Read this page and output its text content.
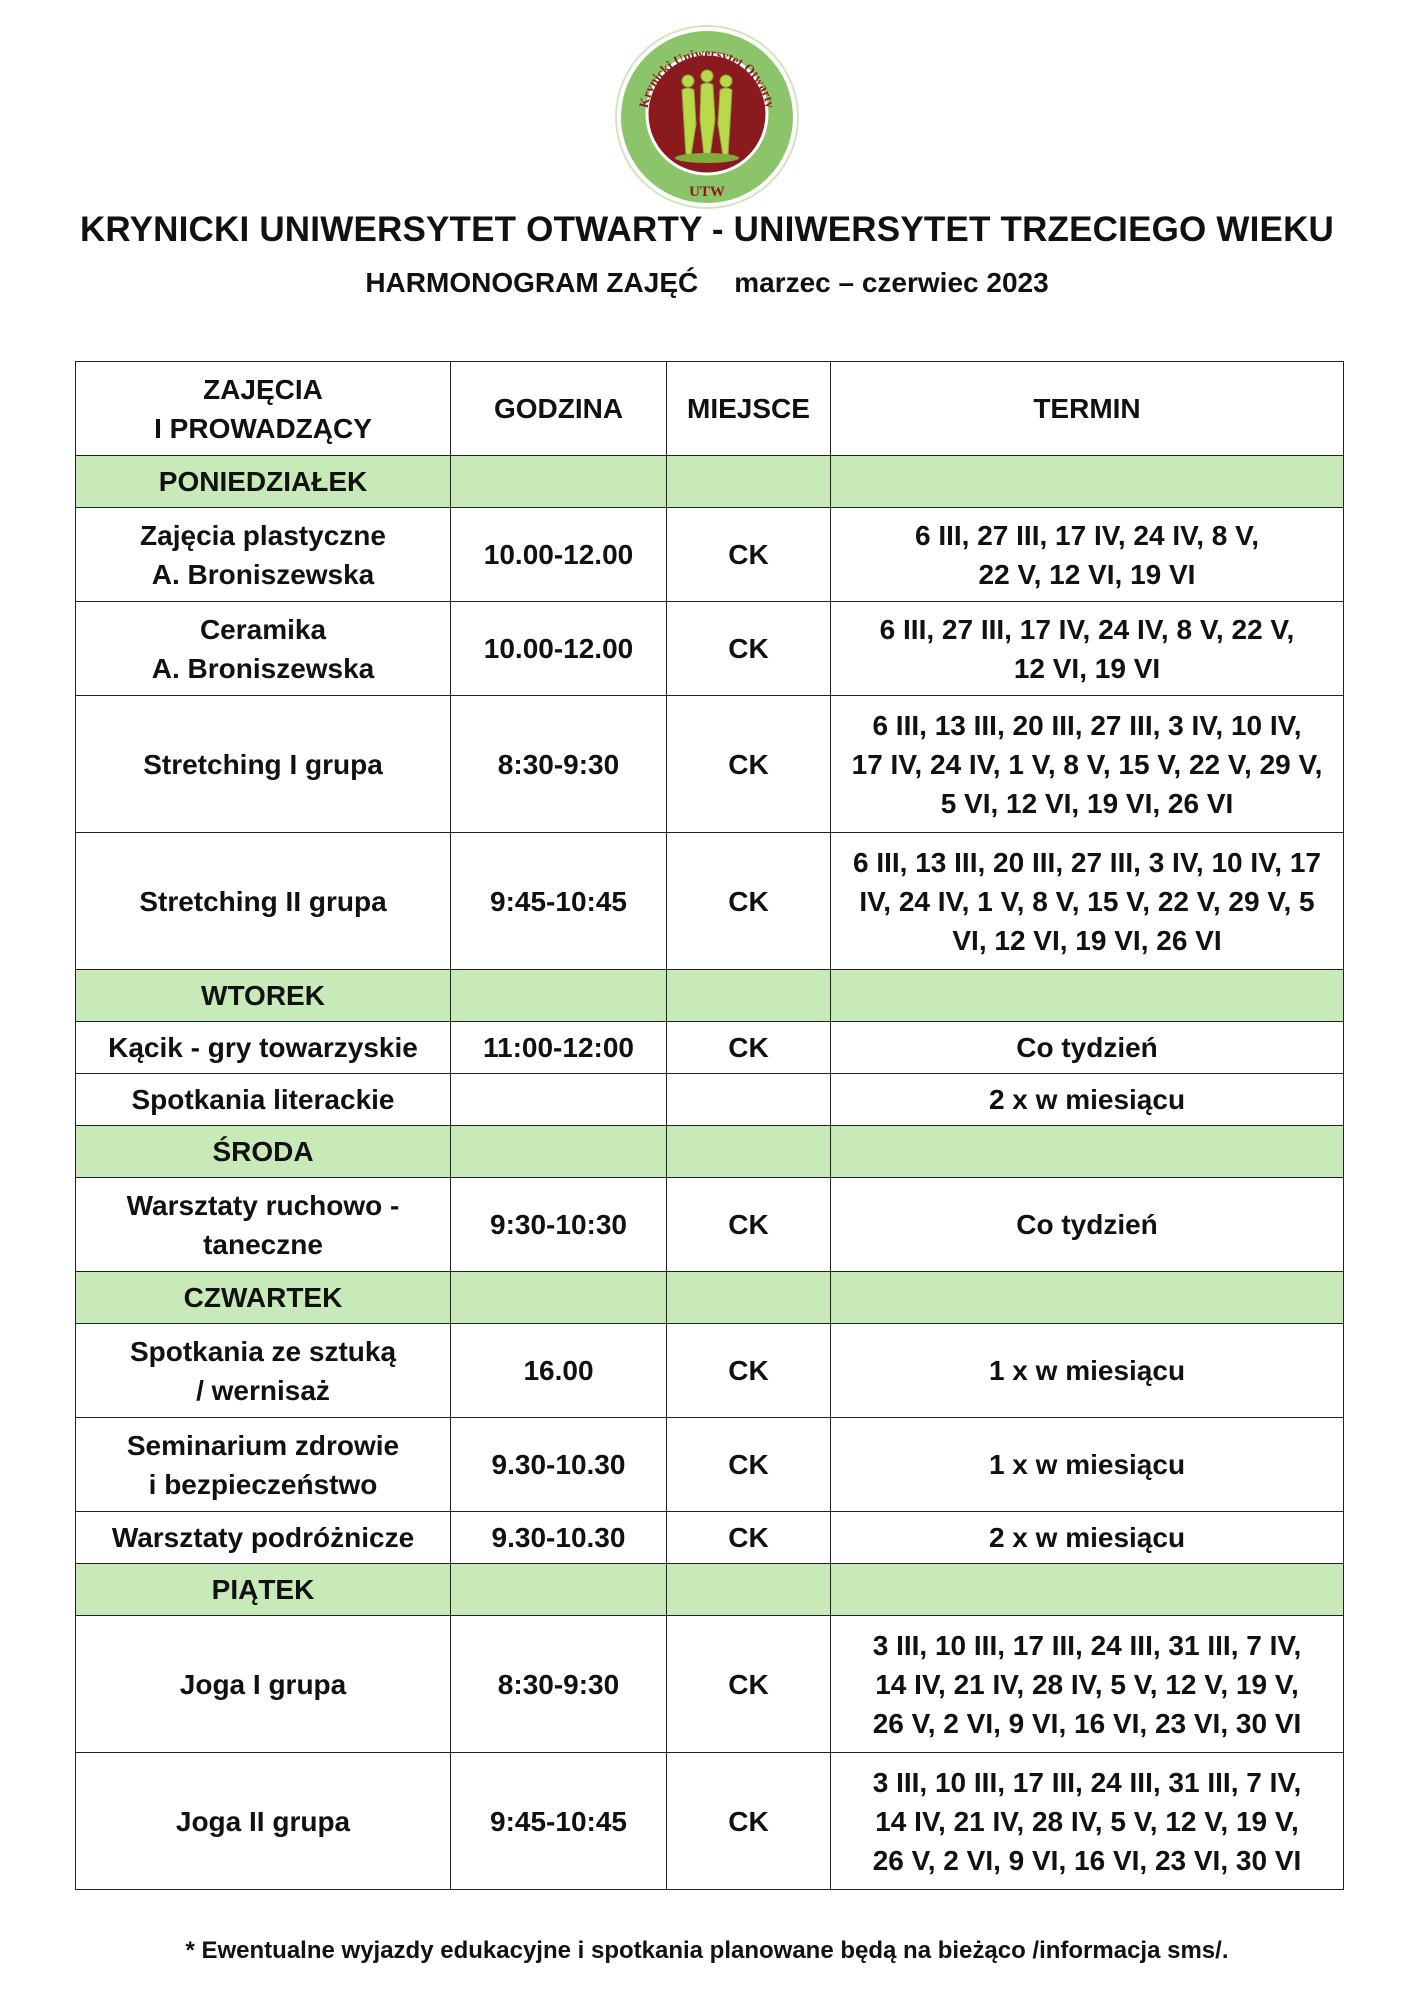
Krynicki Uniwersytet Otwarty
UTW
KRYNICKI UNIWERSYTET OTWARTY - UNIWERSYTET TRZECIEGO WIEKU
HARMONOGRAM ZAJĘĆ marzec – czerwiec 2023
ZAJĘCIA
I PROWADZĄCY	GODZINA	MIEJSCE	TERMIN
PONIEDZIAŁEK			

Zajęcia plastyczne
A. Broniszewska	10.00-12.00	CK	6 III, 27 III, 17 IV, 24 IV, 8 V,
22 V, 12 VI, 19 VI

Ceramika
A. Broniszewska	10.00-12.00	CK	6 III, 27 III, 17 IV, 24 IV, 8 V, 22 V,
12 VI, 19 VI

Stretching I grupa	8:30-9:30	CK	6 III, 13 III, 20 III, 27 III, 3 IV, 10 IV,
17 IV, 24 IV, 1 V, 8 V, 15 V, 22 V, 29 V,
5 VI, 12 VI, 19 VI, 26 VI

Stretching II grupa	9:45-10:45	CK	6 III, 13 III, 20 III, 27 III, 3 IV, 10 IV, 17
IV, 24 IV, 1 V, 8 V, 15 V, 22 V, 29 V, 5
VI, 12 VI, 19 VI, 26 VI

WTOREK			

Kącik - gry towarzyskie	11:00-12:00	CK	Co tydzień

Spotkania literackie			2 x w miesiącu

ŚRODA			

Warsztaty ruchowo -
taneczne	9:30-10:30	CK	Co tydzień

CZWARTEK			

Spotkania ze sztuką
/ wernisaż	16.00	CK	1 x w miesiącu

Seminarium zdrowie
i bezpieczeństwo	9.30-10.30	CK	1 x w miesiącu

Warsztaty podróżnicze	9.30-10.30	CK	2 x w miesiącu

PIĄTEK			

Joga I grupa	8:30-9:30	CK	3 III, 10 III, 17 III, 24 III, 31 III, 7 IV,
14 IV, 21 IV, 28 IV, 5 V, 12 V, 19 V,
26 V, 2 VI, 9 VI, 16 VI, 23 VI, 30 VI

Joga II grupa	9:45-10:45	CK	3 III, 10 III, 17 III, 24 III, 31 III, 7 IV,
14 IV, 21 IV, 28 IV, 5 V, 12 V, 19 V,
26 V, 2 VI, 9 VI, 16 VI, 23 VI, 30 VI
* Ewentualne wyjazdy edukacyjne i spotkania planowane będą na bieżąco /informacja sms/.
